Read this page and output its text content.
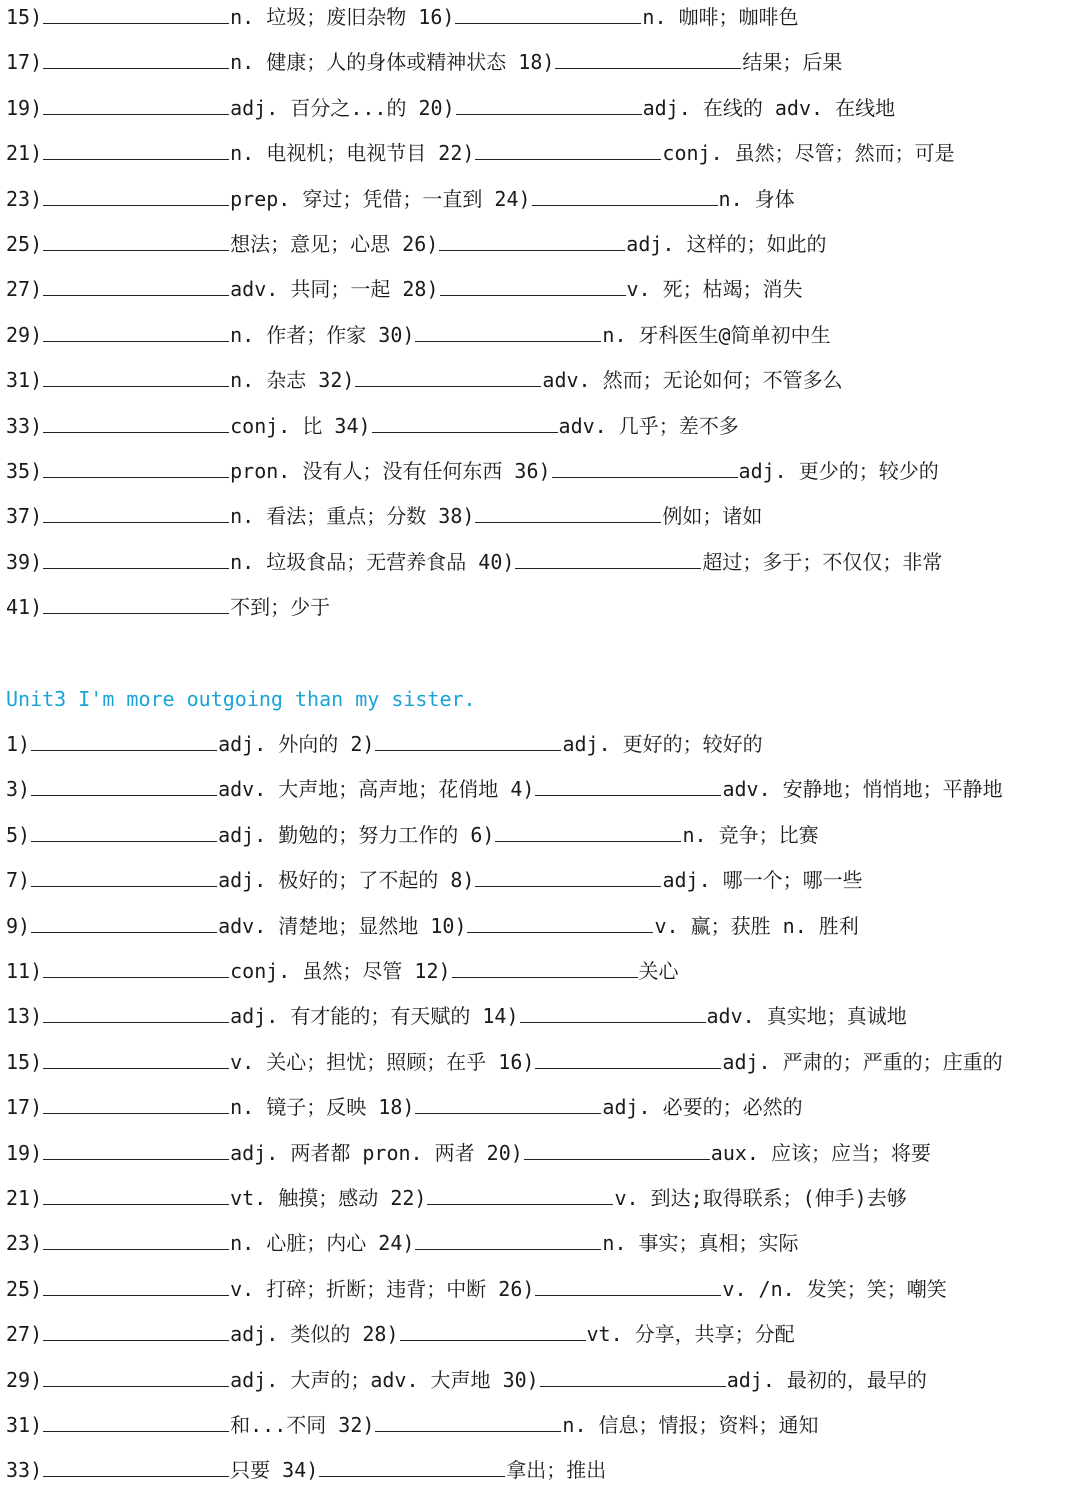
15)	n. 垃圾；废旧杂物 16)	n. 咖啡；咖啡色
17)	n. 健康；人的身体或精神状态 18)	结果；后果
19)	adj. 百分之...的 20)	adj. 在线的 adv. 在线地
21)	n. 电视机；电视节目 22)	conj. 虽然；尽管；然而；可是
23)	prep. 穿过；凭借；一直到 24)	n. 身体
25)	想法；意见；心思 26)	adj. 这样的；如此的
27)	adv. 共同；一起 28)	v. 死；枯竭；消失
29)	n. 作者；作家 30)	n. 牙科医生@简单初中生
31)	n. 杂志 32)	adv. 然而；无论如何；不管多么
33)	conj. 比 34)	adv. 几乎；差不多
35)	pron. 没有人；没有任何东西 36)	adj. 更少的；较少的
37)	n. 看法；重点；分数 38)	例如；诸如
39)	n. 垃圾食品；无营养食品 40)	超过；多于；不仅仅；非常
41)	不到；少于
Unit3 I'm more outgoing than my sister.
1)	adj. 外向的 2)	adj. 更好的；较好的
3)	adv. 大声地；高声地；花俏地 4)	adv. 安静地；悄悄地；平静地
5)	adj. 勤勉的；努力工作的 6)	n. 竞争；比赛
7)	adj. 极好的；了不起的 8)	adj. 哪一个；哪一些
9)	adv. 清楚地；显然地 10)	v. 赢；获胜 n. 胜利
11)	conj. 虽然；尽管 12)	关心
13)	adj. 有才能的；有天赋的 14)	adv. 真实地；真诚地
15)	v. 关心；担忧；照顾；在乎 16)	adj. 严肃的；严重的；庄重的
17)	n. 镜子；反映 18)	adj. 必要的；必然的
19)	adj. 两者都 pron. 两者 20)	aux. 应该；应当；将要
21)	vt. 触摸；感动 22)	v. 到达;取得联系；(伸手)去够
23)	n. 心脏；内心 24)	n. 事实；真相；实际
25)	v. 打碎；折断；违背；中断 26)	v. /n. 发笑；笑；嘲笑
27)	adj. 类似的 28)	vt. 分享，共享；分配
29)	adj. 大声的；adv. 大声地 30)	adj. 最初的，最早的
31)	和...不同 32)	n. 信息；情报；资料；通知
33)	只要 34)	拿出；推出
